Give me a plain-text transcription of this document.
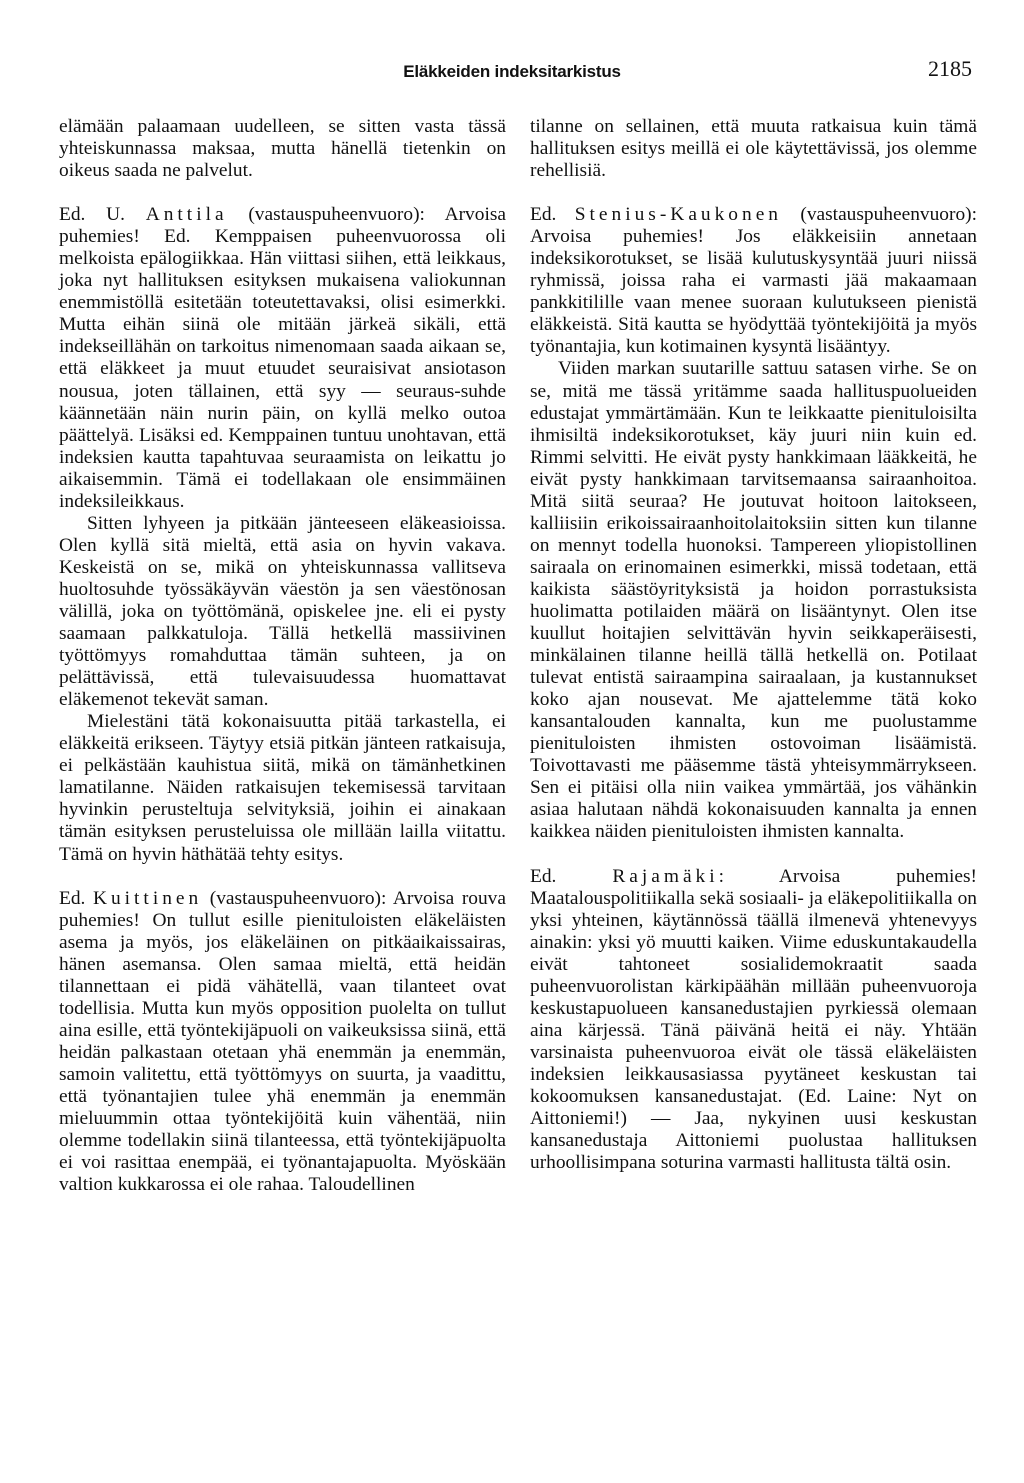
Eläkkeiden indeksitarkistus	2185

elämään palaamaan uudelleen, se sitten vasta tässä yhteiskunnassa maksaa, mutta hänellä tietenkin on oikeus saada ne palvelut.

Ed. U. Anttila (vastauspuheenvuoro): Arvoisa puhemies! Ed. Kemppaisen puheenvuorossa oli melkoista epälogiikkaa. Hän viittasi siihen, että leikkaus, joka nyt hallituksen esityksen mukaisena valiokunnan enemmistöllä esitetään toteutettavaksi, olisi esimerkki. Mutta eihän siinä ole mitään järkeä sikäli, että indekseillähän on tarkoitus nimenomaan saada aikaan se, että eläkkeet ja muut etuudet seuraisivat ansiotason nousua, joten tällainen, että syy — seuraus-suhde käännetään näin nurin päin, on kyllä melko outoa päättelyä. Lisäksi ed. Kemppainen tuntuu unohtavan, että indeksien kautta tapahtuvaa seuraamista on leikattu jo aikaisemmin. Tämä ei todellakaan ole ensimmäinen indeksileikkaus.

Sitten lyhyeen ja pitkään jänteeseen eläkeasioissa. Olen kyllä sitä mieltä, että asia on hyvin vakava. Keskeistä on se, mikä on yhteiskunnassa vallitseva huoltosuhde työssäkäyvän väestön ja sen väestönosan välillä, joka on työttömänä, opiskelee jne. eli ei pysty saamaan palkkatuloja. Tällä hetkellä massiivinen työttömyys romahduttaa tämän suhteen, ja on pelättävissä, että tulevaisuudessa huomattavat eläkemenot tekevät saman.

Mielestäni tätä kokonaisuutta pitää tarkastella, ei eläkkeitä erikseen. Täytyy etsiä pitkän jänteen ratkaisuja, ei pelkästään kauhistua siitä, mikä on tämänhetkinen lamatilanne. Näiden ratkaisujen tekemisessä tarvitaan hyvinkin perusteltuja selvityksiä, joihin ei ainakaan tämän esityksen perusteluissa ole millään lailla viitattu. Tämä on hyvin häthätää tehty esitys.

Ed. Kuittinen (vastauspuheenvuoro): Arvoisa rouva puhemies! On tullut esille pienituloisten eläkeläisten asema ja myös, jos eläkeläinen on pitkäaikaissairas, hänen asemansa. Olen samaa mieltä, että heidän tilannettaan ei pidä vähätellä, vaan tilanteet ovat todellisia. Mutta kun myös opposition puolelta on tullut aina esille, että työntekijäpuoli on vaikeuksissa siinä, että heidän palkastaan otetaan yhä enemmän ja enemmän, samoin valitettu, että työttömyys on suurta, ja vaadittu, että työnantajien tulee yhä enemmän ja enemmän mieluummin ottaa työntekijöitä kuin vähentää, niin olemme todellakin siinä tilanteessa, että työntekijäpuolta ei voi rasittaa enempää, ei työnantajapuolta. Myöskään valtion kukkarossa ei ole rahaa. Taloudellinen

tilanne on sellainen, että muuta ratkaisua kuin tämä hallituksen esitys meillä ei ole käytettävissä, jos olemme rehellisiä.

Ed. Stenius-Kaukonen (vastauspuheenvuoro): Arvoisa puhemies! Jos eläkkeisiin annetaan indeksikorotukset, se lisää kulutuskysyntää juuri niissä ryhmissä, joissa raha ei varmasti jää makaamaan pankkitilille vaan menee suoraan kulutukseen pienistä eläkkeistä. Sitä kautta se hyödyttää työntekijöitä ja myös työnantajia, kun kotimainen kysyntä lisääntyy.

Viiden markan suutarille sattuu satasen virhe. Se on se, mitä me tässä yritämme saada hallituspuolueiden edustajat ymmärtämään. Kun te leikkaatte pienituloisilta ihmisiltä indeksikorotukset, käy juuri niin kuin ed. Rimmi selvitti. He eivät pysty hankkimaan lääkkeitä, he eivät pysty hankkimaan tarvitsemaansa sairaanhoitoa. Mitä siitä seuraa? He joutuvat hoitoon laitokseen, kalliisiin erikoissairaanhoitolaitoksiin sitten kun tilanne on mennyt todella huonoksi. Tampereen yliopistollinen sairaala on erinomainen esimerkki, missä todetaan, että kaikista säästöyrityksistä ja hoidon porrastuksista huolimatta potilaiden määrä on lisääntynyt. Olen itse kuullut hoitajien selvittävän hyvin seikkaperäisesti, minkälainen tilanne heillä tällä hetkellä on. Potilaat tulevat entistä sairaampina sairaalaan, ja kustannukset koko ajan nousevat. Me ajattelemme tätä koko kansantalouden kannalta, kun me puolustamme pienituloisten ihmisten ostovoiman lisäämistä. Toivottavasti me pääsemme tästä yhteisymmärrykseen. Sen ei pitäisi olla niin vaikea ymmärtää, jos vähänkin asiaa halutaan nähdä kokonaisuuden kannalta ja ennen kaikkea näiden pienituloisten ihmisten kannalta.

Ed.	Rajamäki: Arvoisa puhemies! Maatalouspolitiikalla sekä sosiaali- ja eläkepolitiikalla on yksi yhteinen, käytännössä täällä ilmenevä yhtenevyys ainakin: yksi yö muutti kaiken. Viime eduskuntakaudella eivät tahtoneet sosialidemokraatit saada puheenvuorolistan kärkipäähän millään puheenvuoroja keskustapuolueen kansanedustajien pyrkiessä olemaan aina kärjessä. Tänä päivänä heitä ei näy. Yhtään varsinaista puheenvuoroa eivät ole tässä eläkeläisten indeksien leikkausasiassa pyytäneet keskustan tai kokoomuksen kansanedustajat. (Ed. Laine: Nyt on Aittoniemi!) — Jaa, nykyinen uusi keskustan kansanedustaja Aittoniemi puolustaa hallituksen urhoollisimpana soturina varmasti hallitusta tältä osin.
